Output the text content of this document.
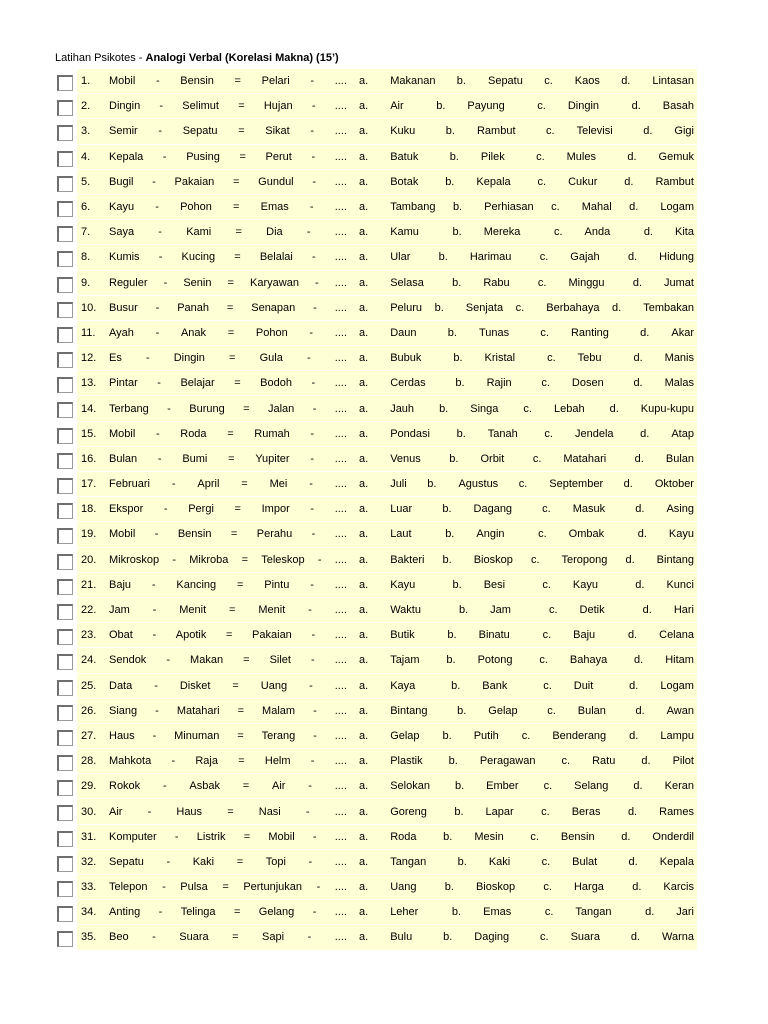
Latihan Psikotes - Analogi Verbal (Korelasi Makna) (15’)
1.	Mobil - Bensin = Pelari - .... a. Makanan b. Sepatu c. Kaos d. Lintasan
2.	Dingin - Selimut = Hujan - .... a. Air	b. Payung	c. Dingin	d. Basah
3.	Semir - Sepatu = Sikat - .... a. Kuku	b. Rambut	c. Televisi	d. Gigi
4.	Kepala - Pusing = Perut - .... a. Batuk	b. Pilek	c. Mules	d. Gemuk
5.	Bugil - Pakaian = Gundul - .... a. Botak b. Kepala c. Cukur d. Rambut
6.	Kayu - Pohon = Emas - .... a. Tambang b. Perhiasan c. Mahal d. Logam
7.	Saya - Kami = Dia - .... a. Kamu	b. Mereka	c. Anda	d. Kita
8.	Kumis - Kucing = Belalai - .... a. Ular	b. Harimau	c. Gajah	d. Hidung
9.	Reguler - Senin = Karyawan - .... a. Selasa	b. Rabu	c. Minggu	d. Jumat
10.	Busur - Panah = Senapan - .... a. Peluru b. Senjata c. Berbahaya d. Tembakan
11.	Ayah - Anak = Pohon - .... a. Daun	b. Tunas	c. Ranting	d. Akar
12.	Es - Dingin = Gula - .... a. Bubuk	b. Kristal	c. Tebu	d. Manis
13.	Pintar - Belajar = Bodoh - .... a. Cerdas	b. Rajin	c. Dosen	d. Malas
14.	Terbang - Burung = Jalan - .... a. Jauh b. Singa c. Lebah d. Kupu-kupu
15.	Mobil - Roda = Rumah - .... a. Pondasi b. Tanah c. Jendela d. Atap
16.	Bulan - Bumi = Yupiter - .... a. Venus	b. Orbit	c. Matahari	d. Bulan
17.	Februari - April = Mei - .... a. Juli b. Agustus c. September d. Oktober
18.	Ekspor - Pergi = Impor - .... a. Luar	b. Dagang	c. Masuk	d. Asing
19.	Mobil - Bensin = Perahu - .... a. Laut	b. Angin	c. Ombak	d. Kayu
20.	Mikroskop - Mikroba = Teleskop - .... a. Bakteri b. Bioskop c. Teropong d. Bintang
21.	Baju - Kancing = Pintu - .... a. Kayu	b. Besi	c. Kayu	d. Kunci
22.	Jam - Menit = Menit - .... a. Waktu	b. Jam	c. Detik	d. Hari
23.	Obat - Apotik = Pakaian - .... a. Butik	b. Binatu	c. Baju	d. Celana
24.	Sendok - Makan = Silet - .... a. Tajam b. Potong c. Bahaya d. Hitam
25.	Data - Disket = Uang - .... a. Kaya	b. Bank	c. Duit	d. Logam
26.	Siang - Matahari = Malam - .... a. Bintang	b. Gelap	c. Bulan	d. Awan
27.	Haus - Minuman = Terang - .... a. Gelap b. Putih c. Benderang d. Lampu
28.	Mahkota - Raja = Helm - .... a. Plastik b. Peragawan c. Ratu d. Pilot
29.	Rokok - Asbak = Air - .... a. Selokan b. Ember c. Selang d. Keran
30.	Air - Haus = Nasi - .... a. Goreng b. Lapar c. Beras d. Rames
31.	Komputer - Listrik = Mobil - .... a. Roda b. Mesin c. Bensin d. Onderdil
32.	Sepatu - Kaki = Topi - .... a. Tangan	b. Kaki	c. Bulat	d. Kepala
33.	Telepon - Pulsa = Pertunjukan - .... a. Uang	b. Bioskop	c. Harga	d. Karcis
34.	Anting - Telinga = Gelang - .... a. Leher	b. Emas	c. Tangan	d. Jari
35.	Beo - Suara = Sapi - .... a. Bulu	b. Daging	c. Suara	d. Warna
